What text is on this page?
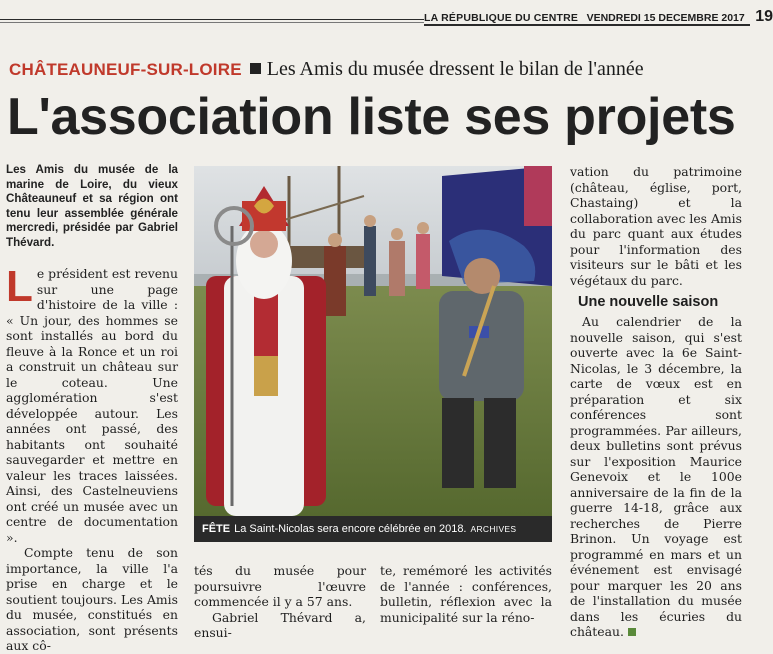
LA RÉPUBLIQUE DU CENTRE VENDREDI 15 DECEMBRE 2017 19
CHÂTEAUNEUF-SUR-LOIRE Les Amis du musée dressent le bilan de l'année
L'association liste ses projets
Les Amis du musée de la marine de Loire, du vieux Châteauneuf et sa région ont tenu leur assemblée générale mercredi, présidée par Gabriel Thévard.

Le président est revenu sur une page d'histoire de la ville : « Un jour, des hommes se sont installés au bord du fleuve à la Ronce et un roi a construit un château sur le coteau. Une agglomération s'est développée autour. Les années ont passé, des habitants ont souhaité sauvegarder et mettre en valeur les traces laissées. Ainsi, des Castelneuviens ont créé un musée avec un centre de documentation ».

Compte tenu de son importance, la ville l'a prise en charge et le soutient toujours. Les Amis du musée, constitués en association, sont présents aux cô-

FÊTE La Saint-Nicolas sera encore célébrée en 2018. ARCHIVES

tés du musée pour poursuivre l'œuvre commencée il y a 57 ans.

Gabriel Thévard a, ensui-

te, remémoré les activités de l'année : conférences, bulletin, réflexion avec la municipalité sur la réno-

vation du patrimoine (château, église, port, Chastaing) et la collaboration avec les Amis du parc quant aux études pour l'information des visiteurs sur le bâti et les végétaux du parc.

Une nouvelle saison

Au calendrier de la nouvelle saison, qui s'est ouverte avec la 6e Saint-Nicolas, le 3 décembre, la carte de vœux est en préparation et six conférences sont programmées. Par ailleurs, deux bulletins sont prévus sur l'exposition Maurice Genevoix et le 100e anniversaire de la fin de la guerre 14-18, grâce aux recherches de Pierre Brinon. Un voyage est programmé en mars et un événement est envisagé pour marquer les 20 ans de l'installation du musée dans les écuries du château.
